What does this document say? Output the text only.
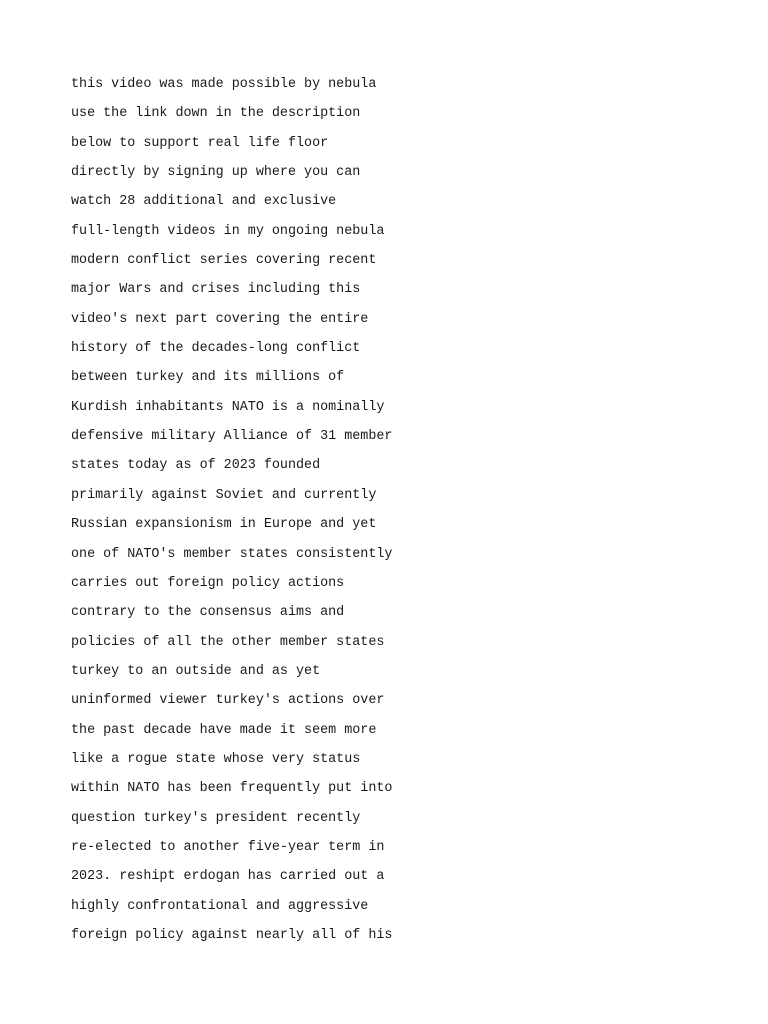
this video was made possible by nebula

use the link down in the description

below to support real life floor

directly by signing up where you can

watch 28 additional and exclusive

full-length videos in my ongoing nebula

modern conflict series covering recent

major Wars and crises including this

video's next part covering the entire

history of the decades-long conflict

between turkey and its millions of

Kurdish inhabitants NATO is a nominally

defensive military Alliance of 31 member

states today as of 2023 founded

primarily against Soviet and currently

Russian expansionism in Europe and yet

one of NATO's member states consistently

carries out foreign policy actions

contrary to the consensus aims and

policies of all the other member states

turkey to an outside and as yet

uninformed viewer turkey's actions over

the past decade have made it seem more

like a rogue state whose very status

within NATO has been frequently put into

question turkey's president recently

re-elected to another five-year term in

2023. reshipt erdogan has carried out a

highly confrontational and aggressive

foreign policy against nearly all of his
